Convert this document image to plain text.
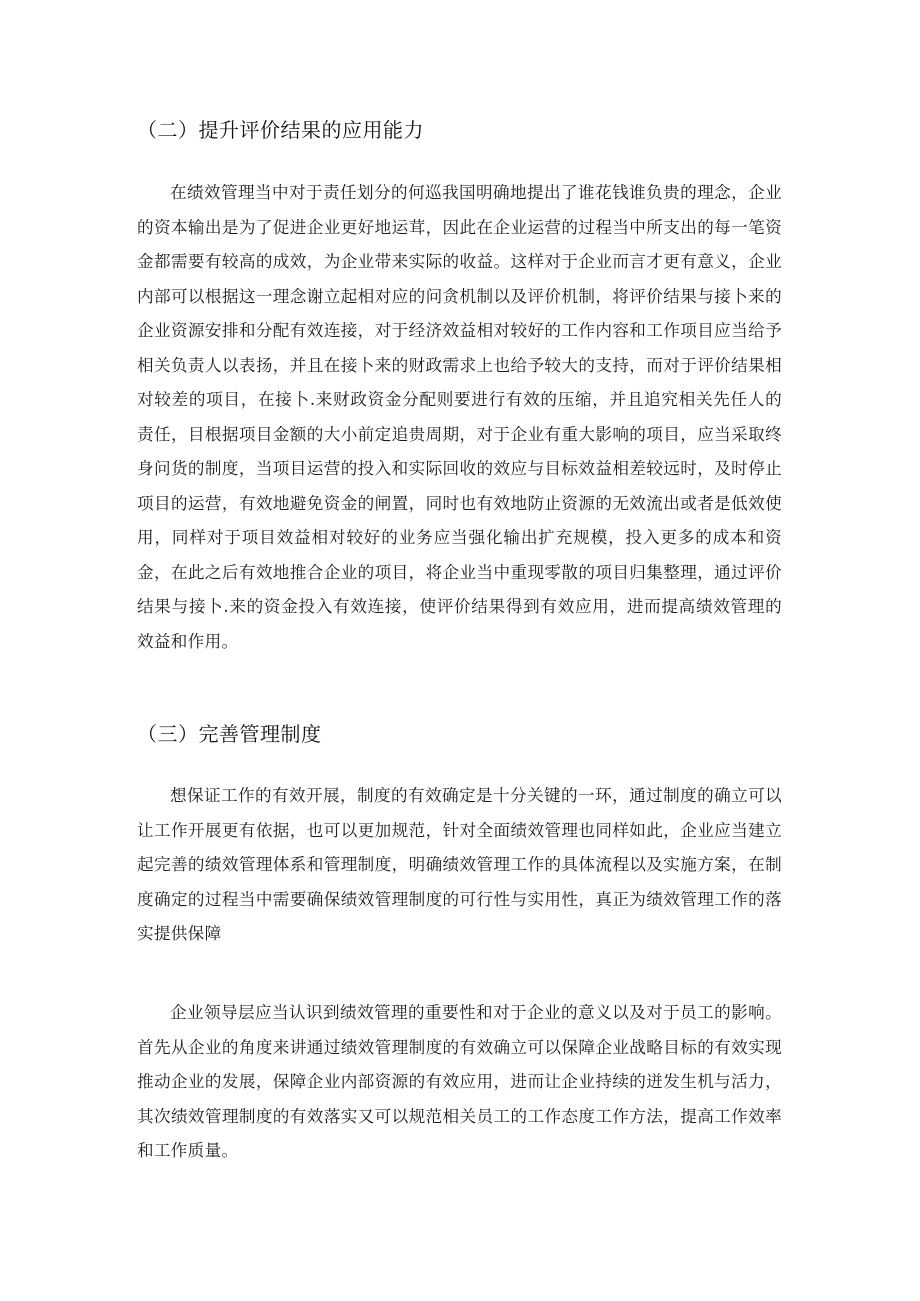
（二）提升评价结果的应用能力

在绩效管理当中对于责任划分的何巡我国明确地提出了谁花钱谁负贵的理念，企业的资本输出是为了促进企业更好地运茸，因此在企业运营的过程当中所支出的每一笔资金都需要有较高的成效，为企业带来实际的收益。这样对于企业而言才更有意义，企业内部可以根据这一理念谢立起相对应的问贪机制以及评价机制，将评价结果与接卜来的企业资源安排和分配有效连接，对于经济效益相对较好的工作内容和工作项目应当给予相关负责人以表扬，并且在接卜来的财政需求上也给予较大的支持，而对于评价结果相对较差的项目，在接卜.来财政资金分配则要进行有效的压缩，并且追究相关先任人的责任，目根据项目金额的大小前定追贵周期，对于企业有重大影响的项目，应当采取终身问货的制度，当项目运营的投入和实际回收的效应与目标效益相差较远时，及时停止项目的运营，有效地避免资金的闸置，同时也有效地防止资源的无效流出或者是低效使用，同样对于项目效益相对较好的业务应当强化输出扩充规模，投入更多的成本和资金，在此之后有效地推合企业的项目，将企业当中重现零散的项目归集整理，通过评价结果与接卜.来的资金投入有效连接，使评价结果得到有效应用，进而提高绩效管理的效益和作用。

（三）完善管理制度

想保证工作的有效开展，制度的有效确定是十分关键的一环，通过制度的确立可以让工作开展更有依据，也可以更加规范，针对全面绩效管理也同样如此，企业应当建立起完善的绩效管理体系和管理制度，明确绩效管理工作的具体流程以及实施方案，在制度确定的过程当中需要确保绩效管理制度的可行性与实用性，真正为绩效管理工作的落实提供保障

企业领导层应当认识到绩效管理的重要性和对于企业的意义以及对于员工的影响。首先从企业的角度来讲通过绩效管理制度的有效确立可以保障企业战略目标的有效实现推动企业的发展，保障企业内部资源的有效应用，进而让企业持续的迸发生机与活力，其次绩效管理制度的有效落实又可以规范相关员工的工作态度工作方法，提高工作效率和工作质量。
